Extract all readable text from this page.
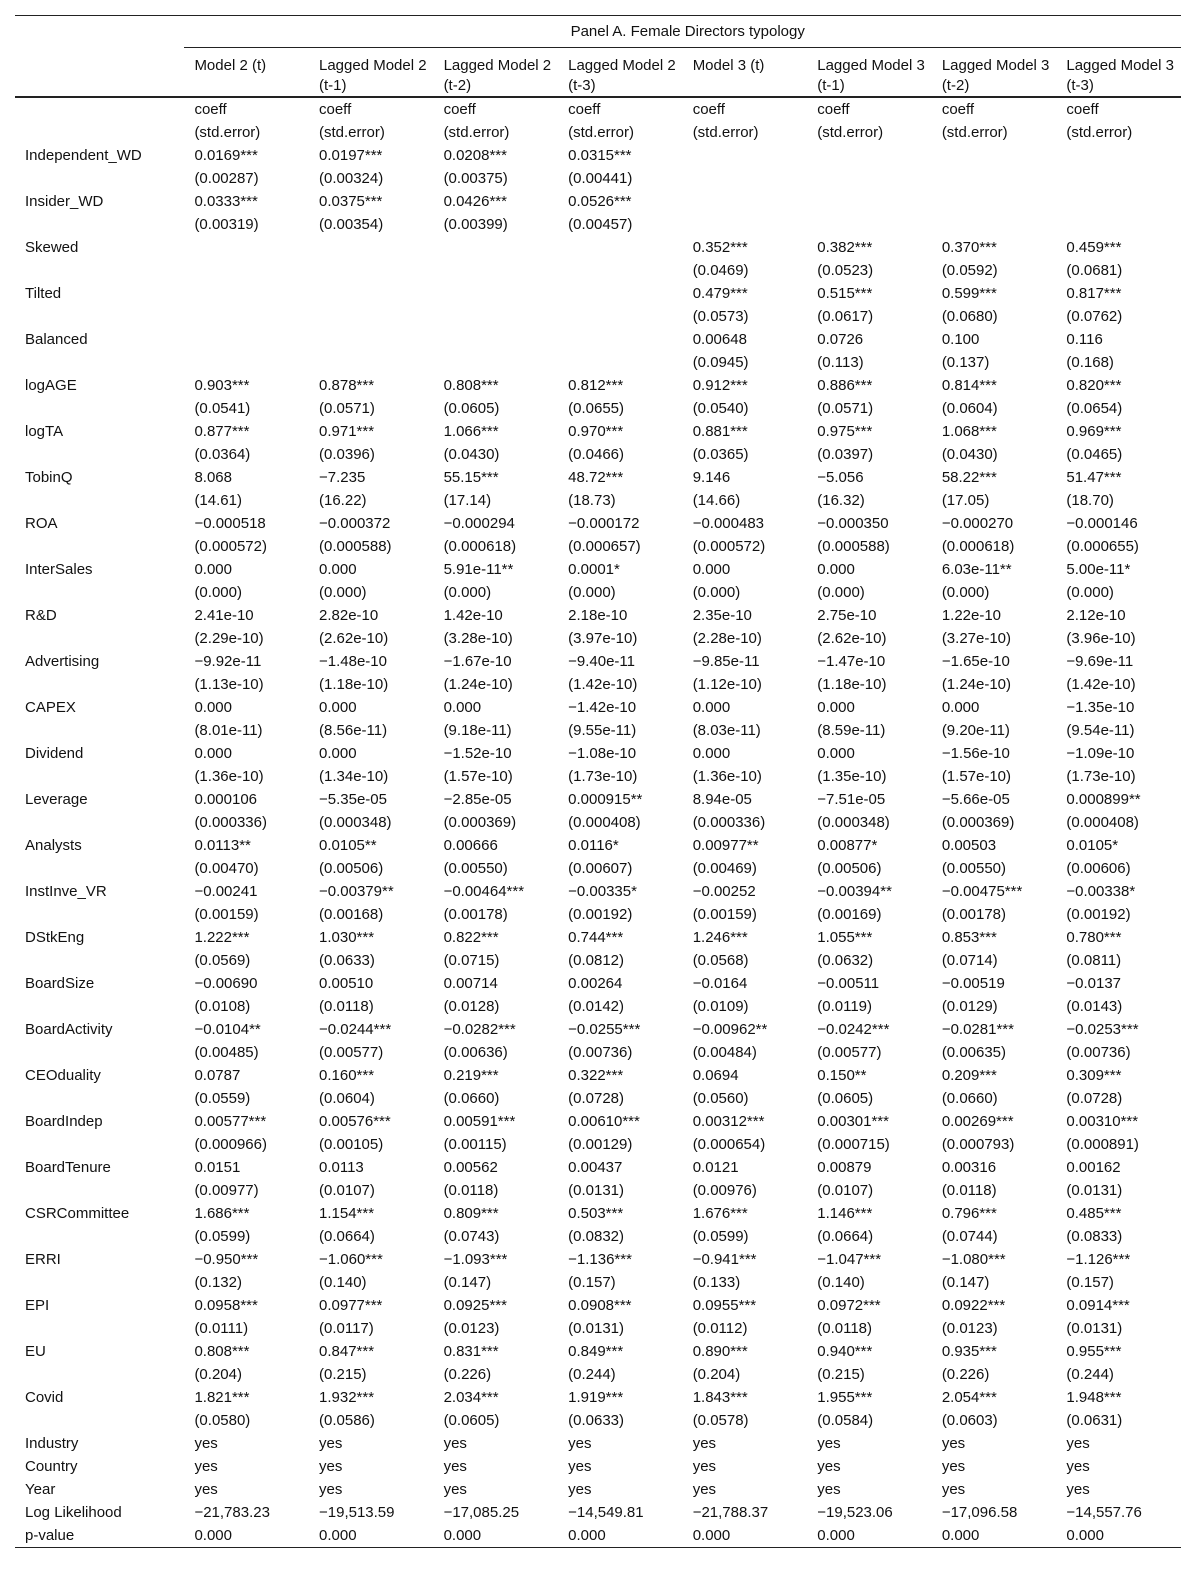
	Panel A. Female Directors typology							
	Model 2 (t)	Lagged Model 2 (t-1)	Lagged Model 2 (t-2)	Lagged Model 2 (t-3)	Model 3 (t)	Lagged Model 3 (t-1)	Lagged Model 3 (t-2)	Lagged Model 3 (t-3)
	coeff	coeff	coeff	coeff	coeff	coeff	coeff	coeff
	(std.error)	(std.error)	(std.error)	(std.error)	(std.error)	(std.error)	(std.error)	(std.error)
Independent_WD	0.0169***	0.0197***	0.0208***	0.0315***				
	(0.00287)	(0.00324)	(0.00375)	(0.00441)				
Insider_WD	0.0333***	0.0375***	0.0426***	0.0526***				
	(0.00319)	(0.00354)	(0.00399)	(0.00457)				
Skewed					0.352***	0.382***	0.370***	0.459***
					(0.0469)	(0.0523)	(0.0592)	(0.0681)
Tilted					0.479***	0.515***	0.599***	0.817***
					(0.0573)	(0.0617)	(0.0680)	(0.0762)
Balanced					0.00648	0.0726	0.100	0.116
					(0.0945)	(0.113)	(0.137)	(0.168)
logAGE	0.903***	0.878***	0.808***	0.812***	0.912***	0.886***	0.814***	0.820***
	(0.0541)	(0.0571)	(0.0605)	(0.0655)	(0.0540)	(0.0571)	(0.0604)	(0.0654)
logTA	0.877***	0.971***	1.066***	0.970***	0.881***	0.975***	1.068***	0.969***
	(0.0364)	(0.0396)	(0.0430)	(0.0466)	(0.0365)	(0.0397)	(0.0430)	(0.0465)
TobinQ	8.068	−7.235	55.15***	48.72***	9.146	−5.056	58.22***	51.47***
	(14.61)	(16.22)	(17.14)	(18.73)	(14.66)	(16.32)	(17.05)	(18.70)
ROA	−0.000518	−0.000372	−0.000294	−0.000172	−0.000483	−0.000350	−0.000270	−0.000146
	(0.000572)	(0.000588)	(0.000618)	(0.000657)	(0.000572)	(0.000588)	(0.000618)	(0.000655)
InterSales	0.000	0.000	5.91e-11**	0.0001*	0.000	0.000	6.03e-11**	5.00e-11*
	(0.000)	(0.000)	(0.000)	(0.000)	(0.000)	(0.000)	(0.000)	(0.000)
R&D	2.41e-10	2.82e-10	1.42e-10	2.18e-10	2.35e-10	2.75e-10	1.22e-10	2.12e-10
	(2.29e-10)	(2.62e-10)	(3.28e-10)	(3.97e-10)	(2.28e-10)	(2.62e-10)	(3.27e-10)	(3.96e-10)
Advertising	−9.92e-11	−1.48e-10	−1.67e-10	−9.40e-11	−9.85e-11	−1.47e-10	−1.65e-10	−9.69e-11
	(1.13e-10)	(1.18e-10)	(1.24e-10)	(1.42e-10)	(1.12e-10)	(1.18e-10)	(1.24e-10)	(1.42e-10)
CAPEX	0.000	0.000	0.000	−1.42e-10	0.000	0.000	0.000	−1.35e-10
	(8.01e-11)	(8.56e-11)	(9.18e-11)	(9.55e-11)	(8.03e-11)	(8.59e-11)	(9.20e-11)	(9.54e-11)
Dividend	0.000	0.000	−1.52e-10	−1.08e-10	0.000	0.000	−1.56e-10	−1.09e-10
	(1.36e-10)	(1.34e-10)	(1.57e-10)	(1.73e-10)	(1.36e-10)	(1.35e-10)	(1.57e-10)	(1.73e-10)
Leverage	0.000106	−5.35e-05	−2.85e-05	0.000915**	8.94e-05	−7.51e-05	−5.66e-05	0.000899**
	(0.000336)	(0.000348)	(0.000369)	(0.000408)	(0.000336)	(0.000348)	(0.000369)	(0.000408)
Analysts	0.0113**	0.0105**	0.00666	0.0116*	0.00977**	0.00877*	0.00503	0.0105*
	(0.00470)	(0.00506)	(0.00550)	(0.00607)	(0.00469)	(0.00506)	(0.00550)	(0.00606)
InstInve_VR	−0.00241	−0.00379**	−0.00464***	−0.00335*	−0.00252	−0.00394**	−0.00475***	−0.00338*
	(0.00159)	(0.00168)	(0.00178)	(0.00192)	(0.00159)	(0.00169)	(0.00178)	(0.00192)
DStkEng	1.222***	1.030***	0.822***	0.744***	1.246***	1.055***	0.853***	0.780***
	(0.0569)	(0.0633)	(0.0715)	(0.0812)	(0.0568)	(0.0632)	(0.0714)	(0.0811)
BoardSize	−0.00690	0.00510	0.00714	0.00264	−0.0164	−0.00511	−0.00519	−0.0137
	(0.0108)	(0.0118)	(0.0128)	(0.0142)	(0.0109)	(0.0119)	(0.0129)	(0.0143)
BoardActivity	−0.0104**	−0.0244***	−0.0282***	−0.0255***	−0.00962**	−0.0242***	−0.0281***	−0.0253***
	(0.00485)	(0.00577)	(0.00636)	(0.00736)	(0.00484)	(0.00577)	(0.00635)	(0.00736)
CEOduality	0.0787	0.160***	0.219***	0.322***	0.0694	0.150**	0.209***	0.309***
	(0.0559)	(0.0604)	(0.0660)	(0.0728)	(0.0560)	(0.0605)	(0.0660)	(0.0728)
BoardIndep	0.00577***	0.00576***	0.00591***	0.00610***	0.00312***	0.00301***	0.00269***	0.00310***
	(0.000966)	(0.00105)	(0.00115)	(0.00129)	(0.000654)	(0.000715)	(0.000793)	(0.000891)
BoardTenure	0.0151	0.0113	0.00562	0.00437	0.0121	0.00879	0.00316	0.00162
	(0.00977)	(0.0107)	(0.0118)	(0.0131)	(0.00976)	(0.0107)	(0.0118)	(0.0131)
CSRCommittee	1.686***	1.154***	0.809***	0.503***	1.676***	1.146***	0.796***	0.485***
	(0.0599)	(0.0664)	(0.0743)	(0.0832)	(0.0599)	(0.0664)	(0.0744)	(0.0833)
ERRI	−0.950***	−1.060***	−1.093***	−1.136***	−0.941***	−1.047***	−1.080***	−1.126***
	(0.132)	(0.140)	(0.147)	(0.157)	(0.133)	(0.140)	(0.147)	(0.157)
EPI	0.0958***	0.0977***	0.0925***	0.0908***	0.0955***	0.0972***	0.0922***	0.0914***
	(0.0111)	(0.0117)	(0.0123)	(0.0131)	(0.0112)	(0.0118)	(0.0123)	(0.0131)
EU	0.808***	0.847***	0.831***	0.849***	0.890***	0.940***	0.935***	0.955***
	(0.204)	(0.215)	(0.226)	(0.244)	(0.204)	(0.215)	(0.226)	(0.244)
Covid	1.821***	1.932***	2.034***	1.919***	1.843***	1.955***	2.054***	1.948***
	(0.0580)	(0.0586)	(0.0605)	(0.0633)	(0.0578)	(0.0584)	(0.0603)	(0.0631)
Industry	yes	yes	yes	yes	yes	yes	yes	yes
Country	yes	yes	yes	yes	yes	yes	yes	yes
Year	yes	yes	yes	yes	yes	yes	yes	yes
Log Likelihood	−21,783.23	−19,513.59	−17,085.25	−14,549.81	−21,788.37	−19,523.06	−17,096.58	−14,557.76
p-value	0.000	0.000	0.000	0.000	0.000	0.000	0.000	0.000
